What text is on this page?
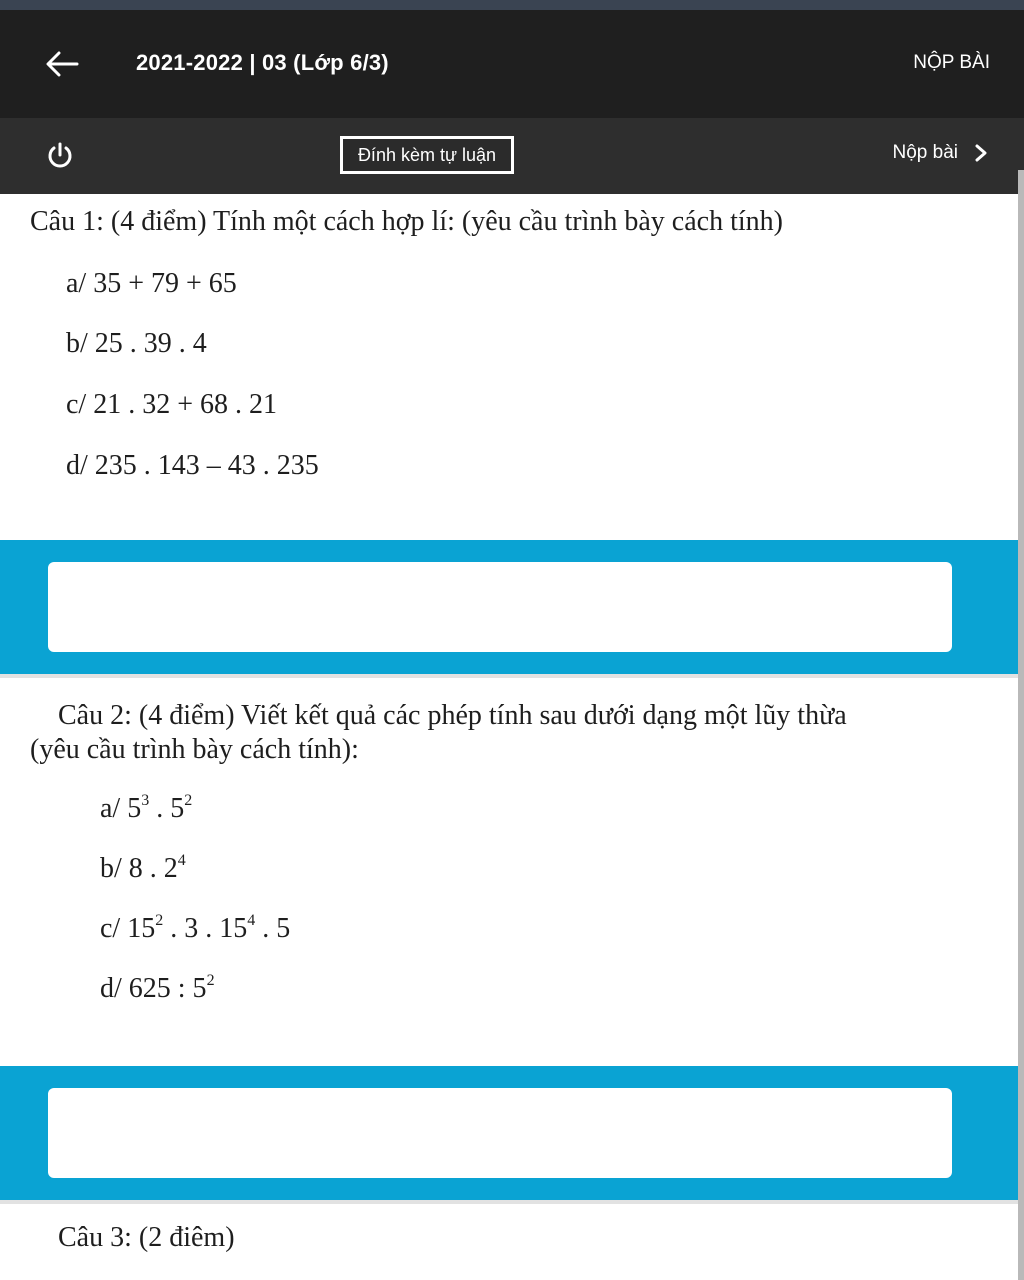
2021-2022 | 03 (Lớp 6/3)	NỘP BÀI
Đính kèm tự luận	Nộp bài
Câu 1: (4 điểm) Tính một cách hợp lí: (yêu cầu trình bày cách tính)
a/ 35 + 79 + 65
b/ 25 . 39 . 4
c/ 21 . 32 + 68 . 21
d/ 235 . 143 – 43 . 235
Câu 2: (4 điểm) Viết kết quả các phép tính sau dưới dạng một lũy thừa
(yêu cầu trình bày cách tính):
a/ $5^3$ . $5^2$
b/ 8 . $2^4$
c/ $15^2$ . 3 . $15^4$ . 5
d/ 625 : $5^2$
Câu 3: (2 điêm)
